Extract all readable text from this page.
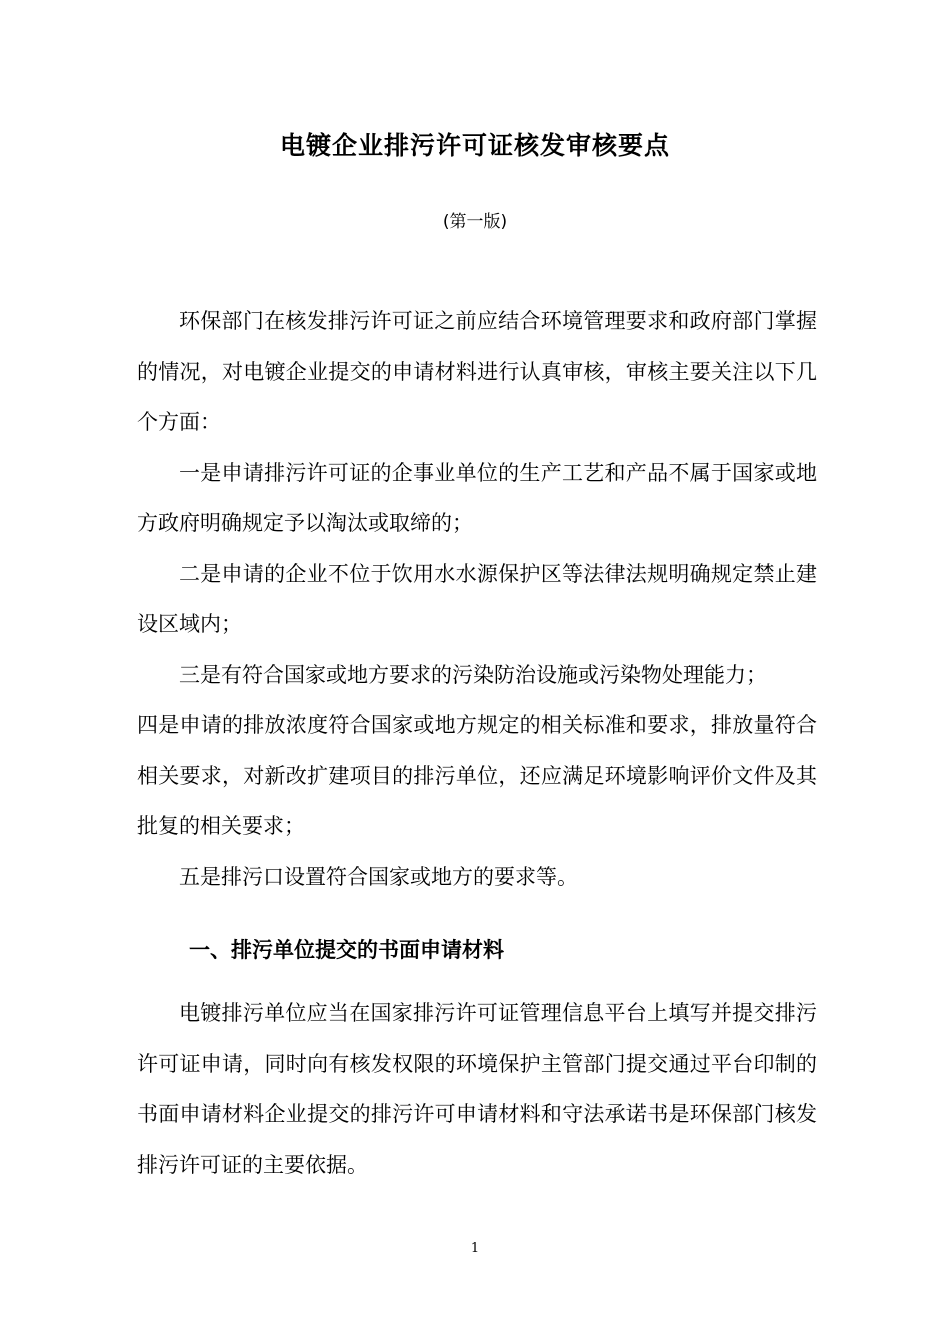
电镀企业排污许可证核发审核要点
(第一版)

环保部门在核发排污许可证之前应结合环境管理要求和政府部门掌握的情况，对电镀企业提交的申请材料进行认真审核，审核主要关注以下几个方面：

一是申请排污许可证的企事业单位的生产工艺和产品不属于国家或地方政府明确规定予以淘汰或取缔的；

二是申请的企业不位于饮用水水源保护区等法律法规明确规定禁止建设区域内；

三是有符合国家或地方要求的污染防治设施或污染物处理能力；

四是申请的排放浓度符合国家或地方规定的相关标准和要求，排放量符合相关要求，对新改扩建项目的排污单位，还应满足环境影响评价文件及其批复的相关要求；

五是排污口设置符合国家或地方的要求等。

一、排污单位提交的书面申请材料

电镀排污单位应当在国家排污许可证管理信息平台上填写并提交排污许可证申请，同时向有核发权限的环境保护主管部门提交通过平台印制的书面申请材料企业提交的排污许可申请材料和守法承诺书是环保部门核发排污许可证的主要依据。

1
